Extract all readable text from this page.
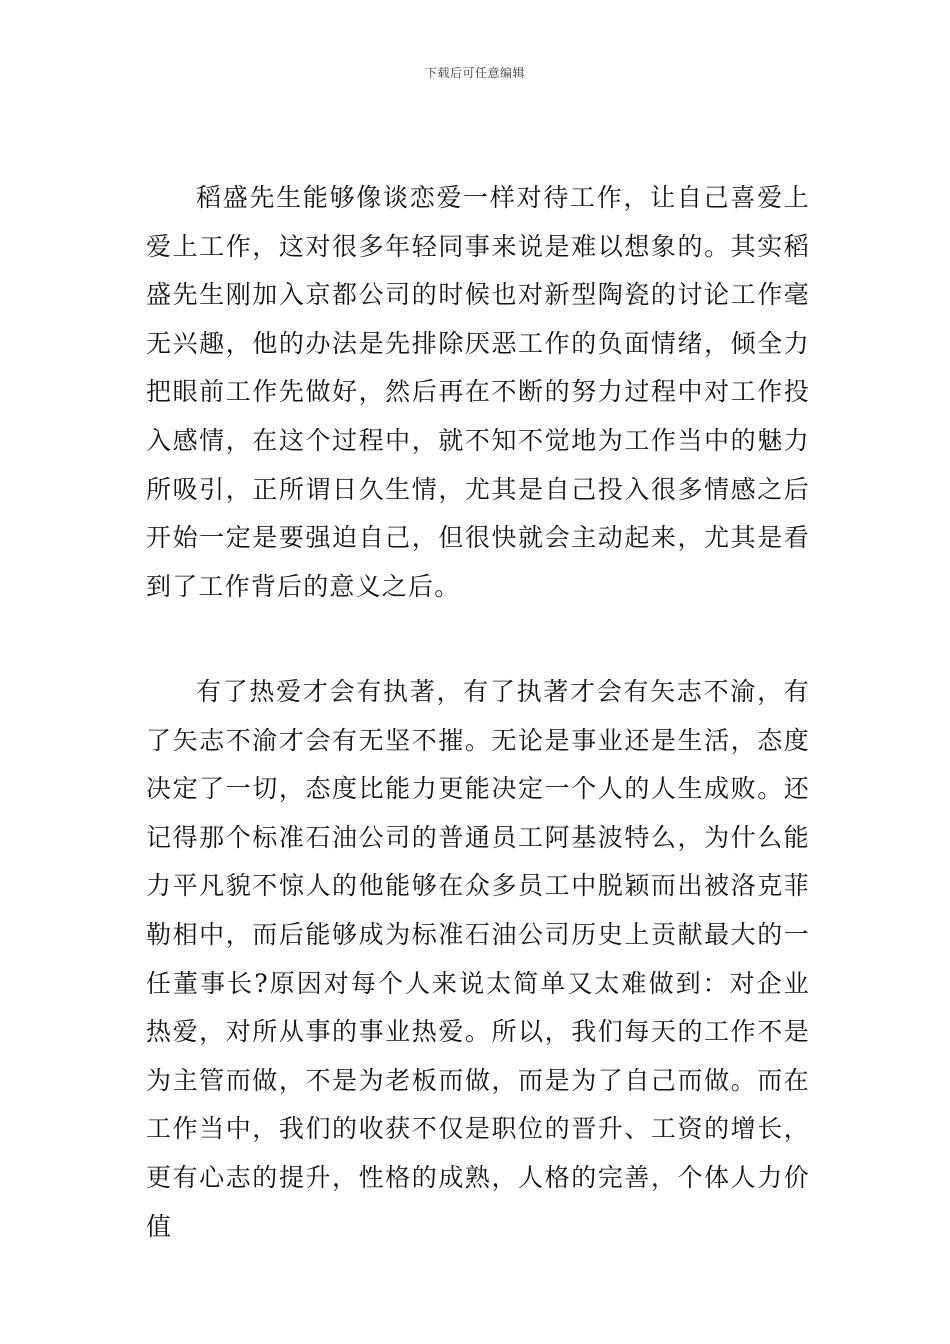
下载后可任意编辑

稻盛先生能够像谈恋爱一样对待工作，让自己喜爱上爱上工作，这对很多年轻同事来说是难以想象的。其实稻盛先生刚加入京都公司的时候也对新型陶瓷的讨论工作毫无兴趣，他的办法是先排除厌恶工作的负面情绪，倾全力把眼前工作先做好，然后再在不断的努力过程中对工作投入感情，在这个过程中，就不知不觉地为工作当中的魅力所吸引，正所谓日久生情，尤其是自己投入很多情感之后开始一定是要强迫自己，但很快就会主动起来，尤其是看到了工作背后的意义之后。

有了热爱才会有执著，有了执著才会有矢志不渝，有了矢志不渝才会有无坚不摧。无论是事业还是生活，态度决定了一切，态度比能力更能决定一个人的人生成败。还记得那个标准石油公司的普通员工阿基波特么，为什么能力平凡貌不惊人的他能够在众多员工中脱颖而出被洛克菲勒相中，而后能够成为标准石油公司历史上贡献最大的一任董事长?原因对每个人来说太简单又太难做到：对企业热爱，对所从事的事业热爱。所以，我们每天的工作不是为主管而做，不是为老板而做，而是为了自己而做。而在工作当中，我们的收获不仅是职位的晋升、工资的增长，更有心志的提升，性格的成熟，人格的完善，个体人力价值
